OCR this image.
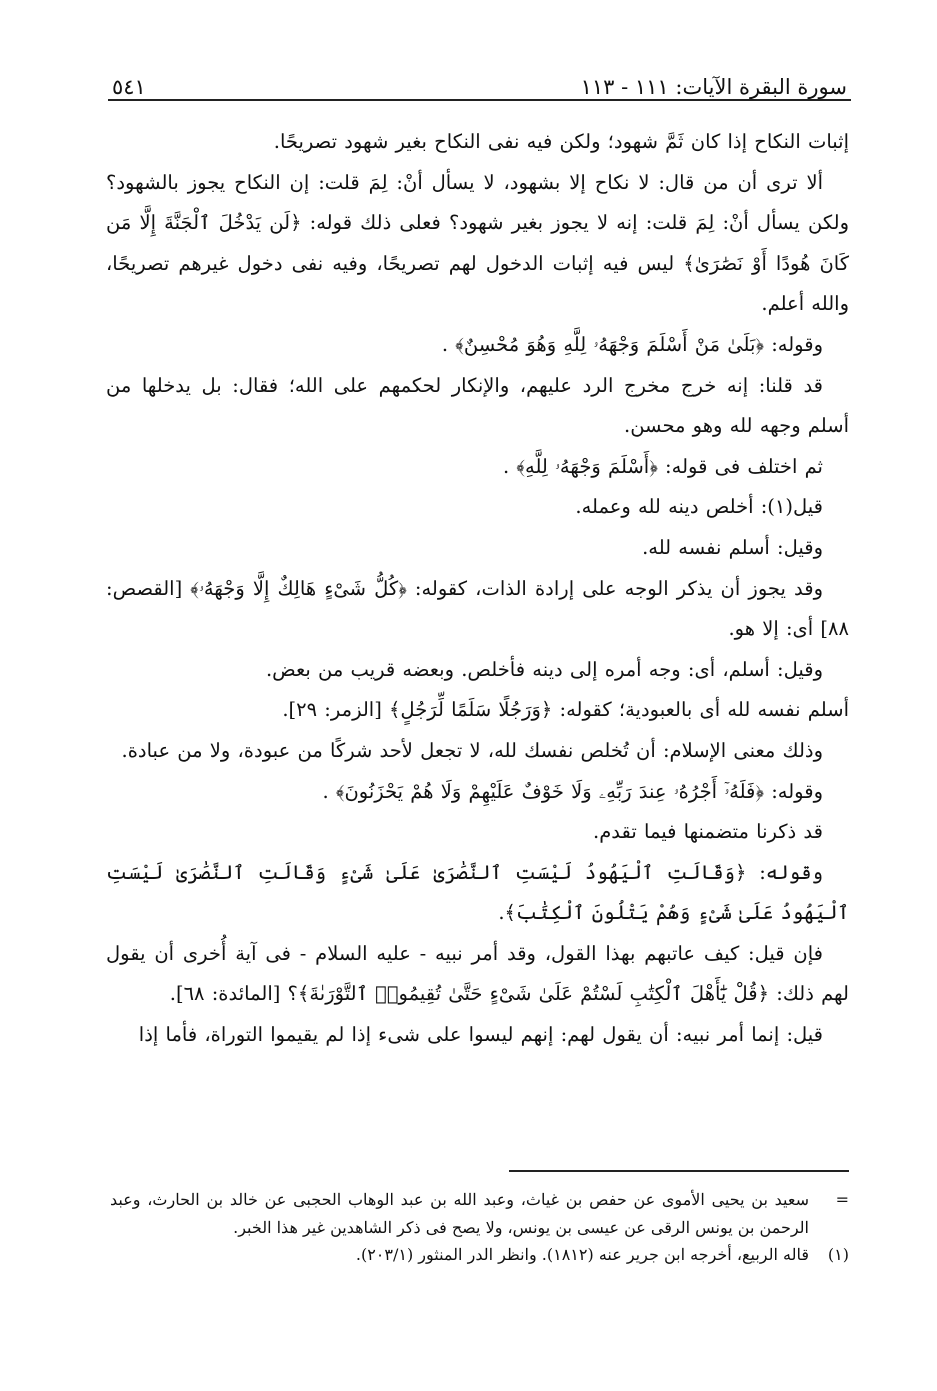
سورة البقرة الآيات: ١١١ - ١١٣
٥٤١

إثبات النكاح إذا كان ثَمَّ شهود؛ ولكن فيه نفى النكاح بغير شهود تصريحًا.

ألا ترى أن من قال: لا نكاح إلا بشهود، لا يسأل أنْ: لِمَ قلت: إن النكاح يجوز بالشهود؟ ولكن يسأل أنْ: لِمَ قلت: إنه لا يجوز بغير شهود؟ فعلى ذلك قوله: ﴿لَن يَدْخُلَ ٱلْجَنَّةَ إِلَّا مَن كَانَ هُودًا أَوْ نَصَٰرَىٰ﴾ ليس فيه إثبات الدخول لهم تصريحًا، وفيه نفى دخول غيرهم تصريحًا، والله أعلم.

وقوله: ﴿بَلَىٰ مَنْ أَسْلَمَ وَجْهَهُۥ لِلَّهِ وَهُوَ مُحْسِنٌ﴾ .

قد قلنا: إنه خرج مخرج الرد عليهم، والإنكار لحكمهم على الله؛ فقال: بل يدخلها من أسلم وجهه لله وهو محسن.

ثم اختلف فى قوله: ﴿أَسْلَمَ وَجْهَهُۥ لِلَّهِ﴾ .

قيل(١): أخلص دينه لله وعمله.

وقيل: أسلم نفسه لله.

وقد يجوز أن يذكر الوجه على إرادة الذات، كقوله: ﴿كُلُّ شَىْءٍ هَالِكٌ إِلَّا وَجْهَهُۥ﴾ [القصص: ٨٨] أى: إلا هو.

وقيل: أسلم، أى: وجه أمره إلى دينه فأخلص. وبعضه قريب من بعض.

أسلم نفسه لله أى بالعبودية؛ كقوله: ﴿وَرَجُلًا سَلَمًا لِّرَجُلٍ﴾ [الزمر: ٢٩].

وذلك معنى الإسلام: أن تُخلص نفسك لله، لا تجعل لأحد شركًا من عبودة، ولا من عبادة.

وقوله: ﴿فَلَهُۥٓ أَجْرُهُۥ عِندَ رَبِّهِۦ وَلَا خَوْفٌ عَلَيْهِمْ وَلَا هُمْ يَحْزَنُونَ﴾ .

قد ذكرنا متضمنها فيما تقدم.

وقوله: ﴿وَقَالَتِ ٱلْيَهُودُ لَيْسَتِ ٱلنَّصَٰرَىٰ عَلَىٰ شَىْءٍ وَقَالَتِ ٱلنَّصَٰرَىٰ لَيْسَتِ ٱلْيَهُودُ عَلَىٰ شَىْءٍ وَهُمْ يَتْلُونَ ٱلْكِتَٰبَ﴾.

فإن قيل: كيف عاتبهم بهذا القول، وقد أمر نبيه - عليه السلام - فى آية أُخرى أن يقول لهم ذلك: ﴿قُلْ يَٰٓأَهْلَ ٱلْكِتَٰبِ لَسْتُمْ عَلَىٰ شَىْءٍ حَتَّىٰ تُقِيمُوا۟ ٱلتَّوْرَىٰةَ﴾؟ [المائدة: ٦٨].

قيل: إنما أمر نبيه: أن يقول لهم: إنهم ليسوا على شىء إذا لم يقيموا التوراة، فأما إذا

=
سعيد بن يحيى الأموى عن حفص بن غياث، وعبد الله بن عبد الوهاب الحجبى عن خالد بن الحارث، وعبد الرحمن بن يونس الرقى عن عيسى بن يونس، ولا يصح فى ذكر الشاهدين غير هذا الخبر.
(١)
قاله الربيع، أخرجه ابن جرير عنه (١٨١٢). وانظر الدر المنثور (٢٠٣/١).
